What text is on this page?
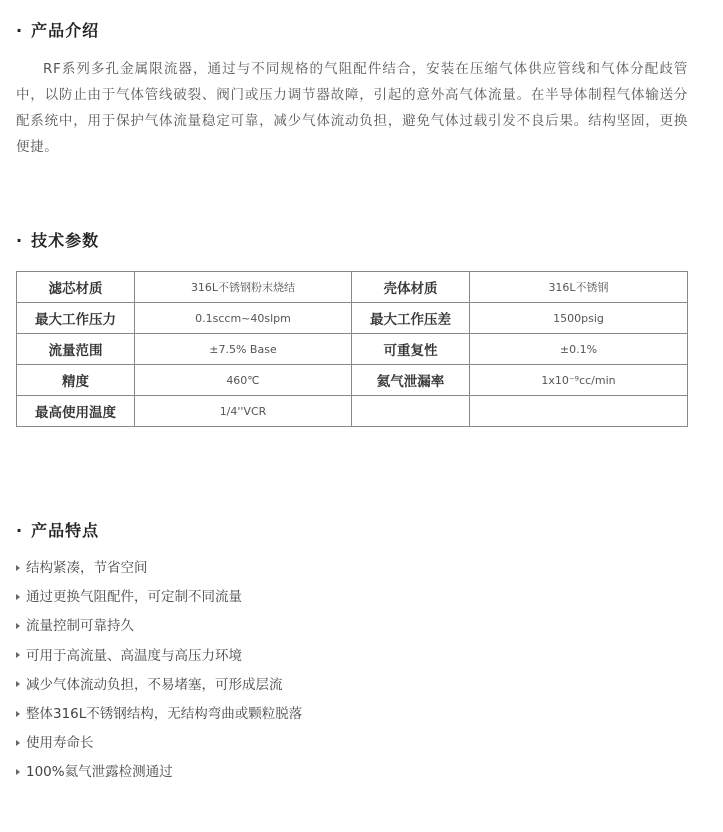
· 产品介绍

RF系列多孔金属限流器，通过与不同规格的气阻配件结合，安装在压缩气体供应管线和气体分配歧管中，以防止由于气体管线破裂、阀门或压力调节器故障，引起的意外高气体流量。在半导体制程气体输送分配系统中，用于保护气体流量稳定可靠，减少气体流动负担，避免气体过载引发不良后果。结构坚固，更换便捷。

· 技术参数
滤芯材质	316L不锈钢粉末烧结	壳体材质	316L不锈钢
最大工作压力	0.1sccm~40slpm	最大工作压差	1500psig
流量范围	±7.5% Base	可重复性	±0.1%
精度	460℃	氦气泄漏率	1x10⁻⁹cc/min
最高使用温度	1/4''VCR		
· 产品特点
结构紧凑，节省空间
通过更换气阻配件，可定制不同流量
流量控制可靠持久
可用于高流量、高温度与高压力环境
减少气体流动负担，不易堵塞，可形成层流
整体316L不锈钢结构，无结构弯曲或颗粒脱落
使用寿命长
100%氦气泄露检测通过
